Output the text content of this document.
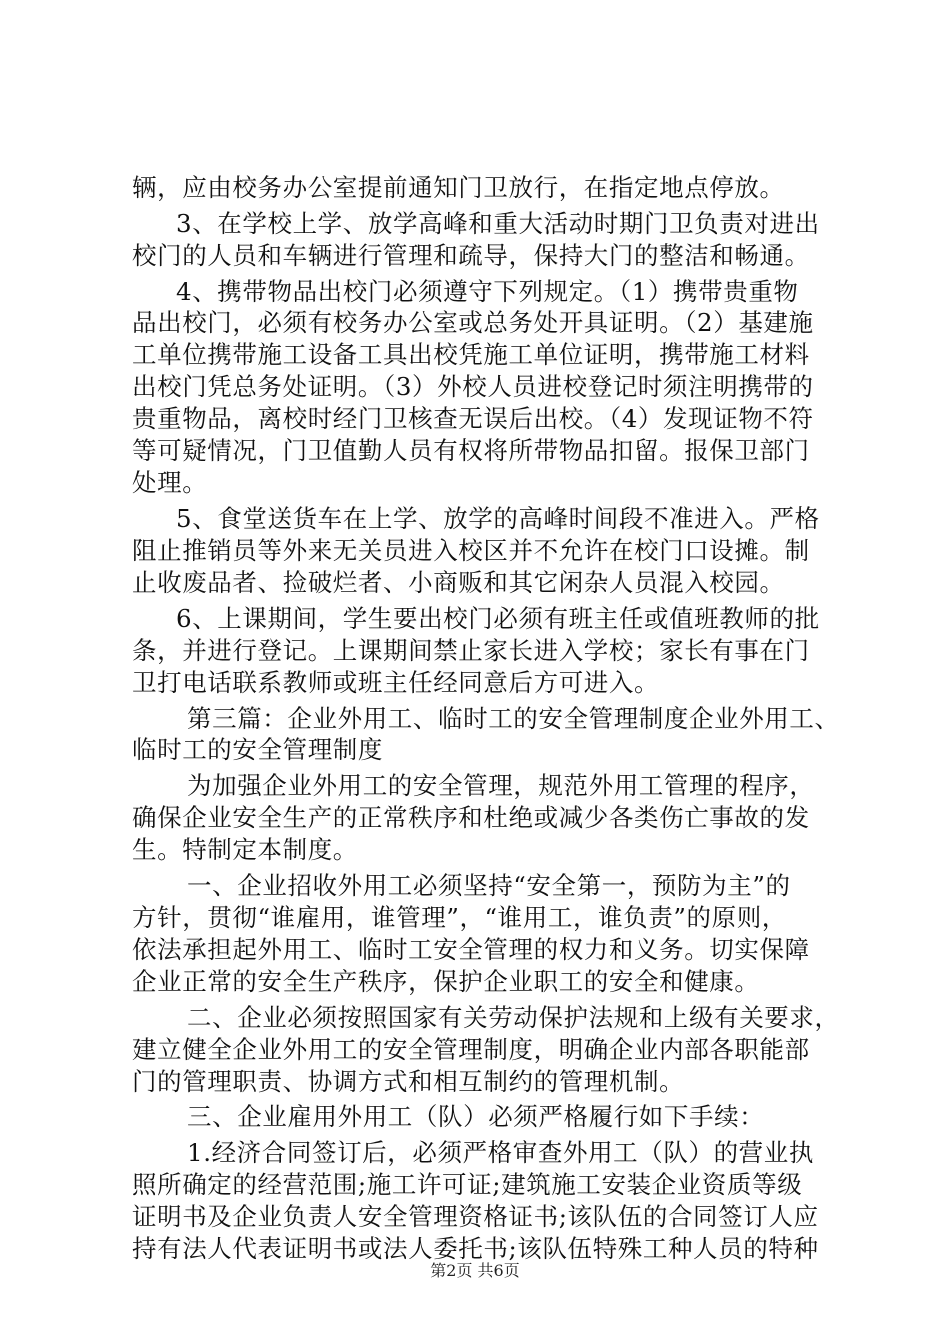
辆，应由校务办公室提前通知门卫放行，在指定地点停放。
3、在学校上学、放学高峰和重大活动时期门卫负责对进出
校门的人员和车辆进行管理和疏导，保持大门的整洁和畅通。
4、携带物品出校门必须遵守下列规定。（1）携带贵重物
品出校门，必须有校务办公室或总务处开具证明。（2）基建施
工单位携带施工设备工具出校凭施工单位证明，携带施工材料
出校门凭总务处证明。（3）外校人员进校登记时须注明携带的
贵重物品，离校时经门卫核查无误后出校。（4）发现证物不符
等可疑情况，门卫值勤人员有权将所带物品扣留。报保卫部门
处理。
5、食堂送货车在上学、放学的高峰时间段不准进入。严格
阻止推销员等外来无关员进入校区并不允许在校门口设摊。制
止收废品者、捡破烂者、小商贩和其它闲杂人员混入校园。
6、上课期间，学生要出校门必须有班主任或值班教师的批
条，并进行登记。上课期间禁止家长进入学校；家长有事在门
卫打电话联系教师或班主任经同意后方可进入。
第三篇：企业外用工、临时工的安全管理制度企业外用工、
临时工的安全管理制度
为加强企业外用工的安全管理，规范外用工管理的程序，
确保企业安全生产的正常秩序和杜绝或减少各类伤亡事故的发
生。特制定本制度。
一、企业招收外用工必须坚持“安全第一，预防为主”的
方针，贯彻“谁雇用，谁管理”，“谁用工，谁负责”的原则，
依法承担起外用工、临时工安全管理的权力和义务。切实保障
企业正常的安全生产秩序，保护企业职工的安全和健康。
二、企业必须按照国家有关劳动保护法规和上级有关要求，
建立健全企业外用工的安全管理制度，明确企业内部各职能部
门的管理职责、协调方式和相互制约的管理机制。
三、企业雇用外用工（队）必须严格履行如下手续：
1.经济合同签订后，必须严格审查外用工（队）的营业执
照所确定的经营范围;施工许可证;建筑施工安装企业资质等级
证明书及企业负责人安全管理资格证书;该队伍的合同签订人应
持有法人代表证明书或法人委托书;该队伍特殊工种人员的特种
第2页 共6页
